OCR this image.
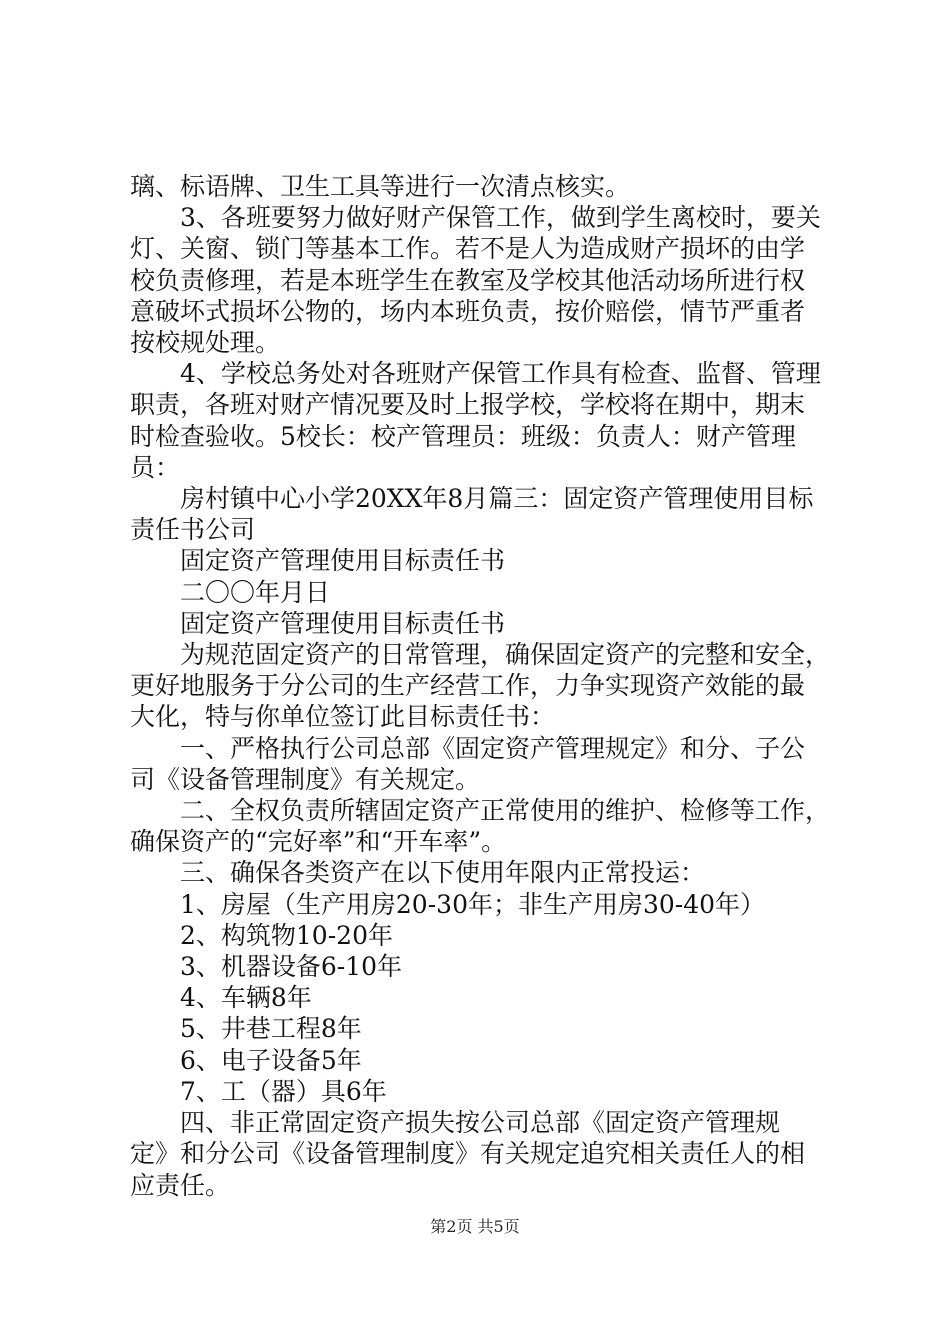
璃、标语牌、卫生工具等进行一次清点核实。

　　3、各班要努力做好财产保管工作，做到学生离校时，要关

灯、关窗、锁门等基本工作。若不是人为造成财产损坏的由学

校负责修理，若是本班学生在教室及学校其他活动场所进行权

意破坏式损坏公物的，场内本班负责，按价赔偿，情节严重者

按校规处理。

　　4、学校总务处对各班财产保管工作具有检查、监督、管理

职责，各班对财产情况要及时上报学校，学校将在期中，期末

时检查验收。5校长：校产管理员：班级：负责人：财产管理

员：

　　房村镇中心小学20XX年8月篇三：固定资产管理使用目标

责任书公司

　　固定资产管理使用目标责任书

　　二〇〇年月日

　　固定资产管理使用目标责任书

　　为规范固定资产的日常管理，确保固定资产的完整和安全，

更好地服务于分公司的生产经营工作，力争实现资产效能的最

大化，特与你单位签订此目标责任书：

　　一、严格执行公司总部《固定资产管理规定》和分、子公

司《设备管理制度》有关规定。

　　二、全权负责所辖固定资产正常使用的维护、检修等工作，

确保资产的“完好率”和“开车率”。

　　三、确保各类资产在以下使用年限内正常投运：

　　1、房屋（生产用房20-30年；非生产用房30-40年）

　　2、构筑物10-20年

　　3、机器设备6-10年

　　4、车辆8年

　　5、井巷工程8年

　　6、电子设备5年

　　7、工（器）具6年

　　四、非正常固定资产损失按公司总部《固定资产管理规

定》和分公司《设备管理制度》有关规定追究相关责任人的相

应责任。

第2页 共5页
